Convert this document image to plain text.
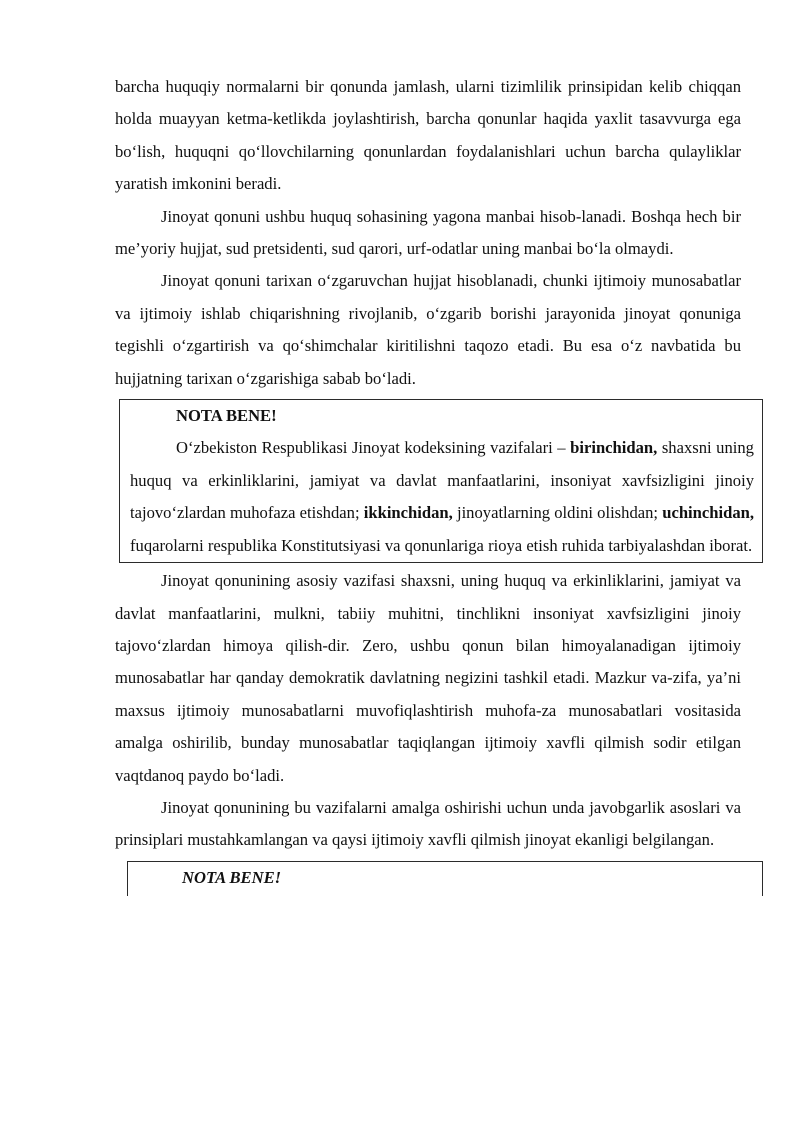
barcha huquqiy normalarni bir qonunda jamlash, ularni tizimlilik prinsipidan kelib chiqqan holda muayyan ketma-ketlikda joylashtirish, barcha qonunlar haqida yaxlit tasavvurga ega bo‘lish, huquqni qo‘llovchilarning qonunlardan foydalanishlari uchun barcha qulayliklar yaratish imkonini beradi.

Jinoyat qonuni ushbu huquq sohasining yagona manbai hisob-lanadi. Boshqa hech bir me’yoriy hujjat, sud pretsidenti, sud qarori, urf-odatlar uning manbai bo‘la olmaydi.

Jinoyat qonuni tarixan o‘zgaruvchan hujjat hisoblanadi, chunki ijtimoiy munosabatlar va ijtimoiy ishlab chiqarishning rivojlanib, o‘zgarib borishi jarayonida jinoyat qonuniga tegishli o‘zgartirish va qo‘shimchalar kiritilishni taqozo etadi. Bu esa o‘z navbatida bu hujjatning tarixan o‘zgarishiga sabab bo‘ladi.

NOTA BENE!

O‘zbekiston Respublikasi Jinoyat kodeksining vazifalari – birinchidan, shaxsni uning huquq va erkinliklarini, jamiyat va davlat manfaatlarini, insoniyat xavfsizligini jinoiy tajovo‘zlardan muhofaza etishdan; ikkinchidan, jinoyatlarning oldini olishdan; uchinchidan, fuqarolarni respublika Konstitutsiyasi va qonunlariga rioya etish ruhida tarbiyalashdan iborat.

Jinoyat qonunining asosiy vazifasi shaxsni, uning huquq va erkinliklarini, jamiyat va davlat manfaatlarini, mulkni, tabiiy muhitni, tinchlikni insoniyat xavfsizligini jinoiy tajovo‘zlardan himoya qilish-dir. Zero, ushbu qonun bilan himoyalanadigan ijtimoiy munosabatlar har qanday demokratik davlatning negizini tashkil etadi. Mazkur va-zifa, ya’ni maxsus ijtimoiy munosabatlarni muvofiqlashtirish muhofa-za munosabatlari vositasida amalga oshirilib, bunday munosabatlar taqiqlangan ijtimoiy xavfli qilmish sodir etilgan vaqtdanoq paydo bo‘ladi.

Jinoyat qonunining bu vazifalarni amalga oshirishi uchun unda javobgarlik asoslari va prinsiplari mustahkamlangan va qaysi ijtimoiy xavfli qilmish jinoyat ekanligi belgilangan.

NOTA BENE!
